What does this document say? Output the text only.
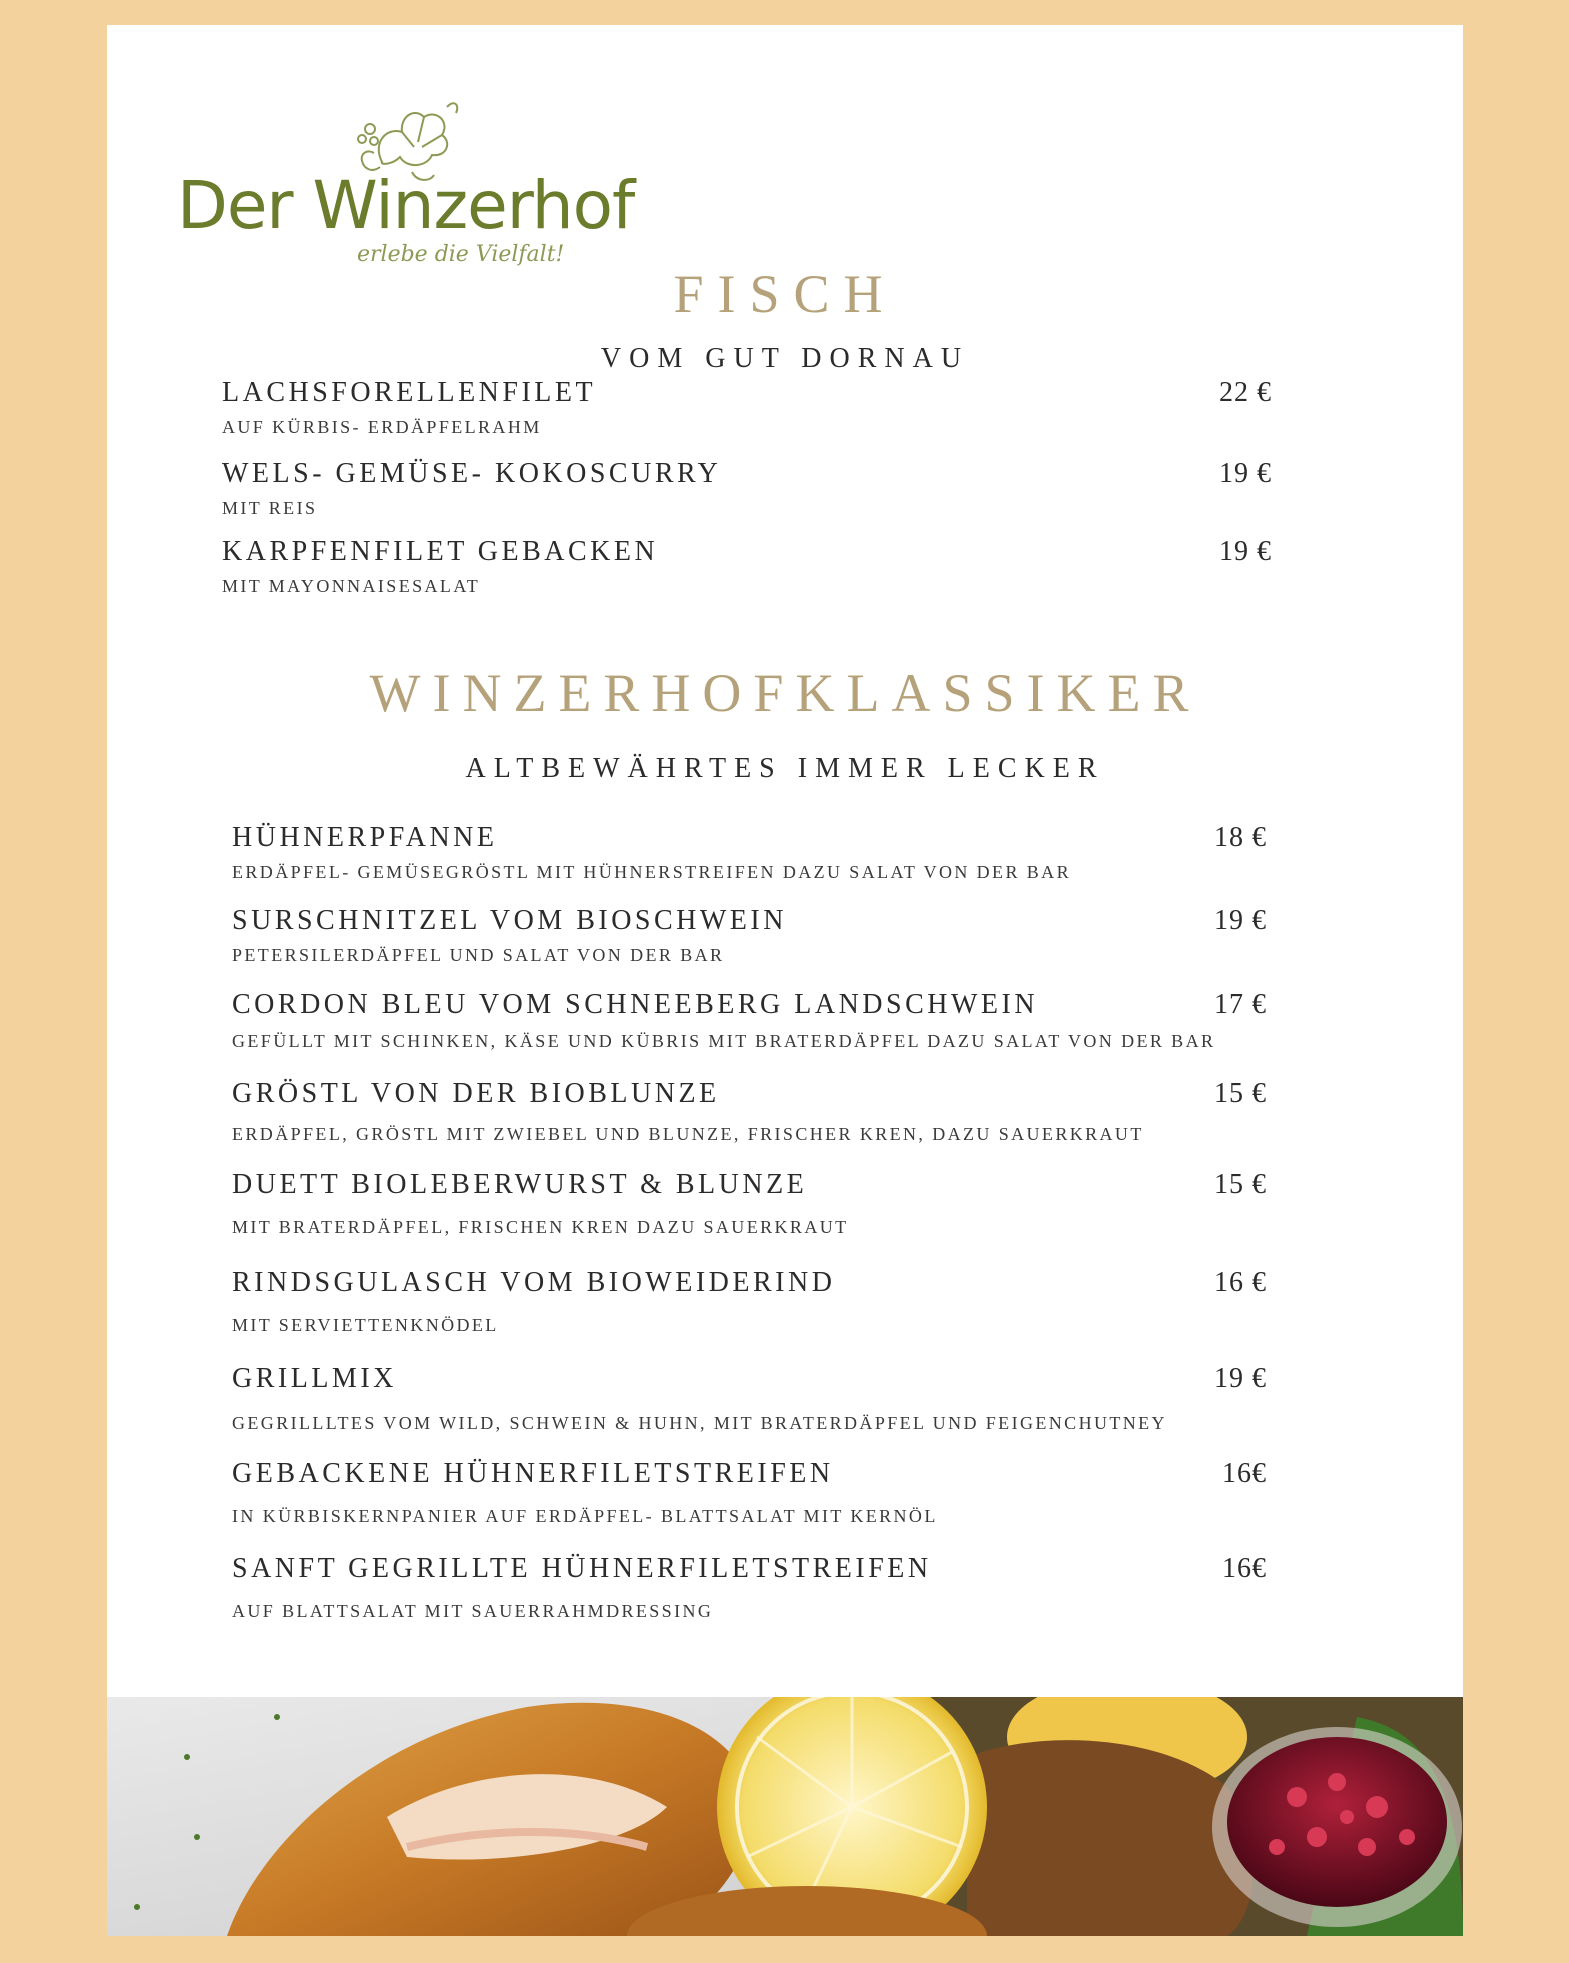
Der Winzerhof
erlebe die Vielfalt!
FISCH
VOM GUT DORNAU
LACHSFORELLENFILET
AUF KÜRBIS- ERDÄPFELRAHM
22 €
WELS- GEMÜSE- KOKOSCURRY
MIT REIS
19 €
KARPFENFILET GEBACKEN
MIT MAYONNAISESALAT
19 €
WINZERHOFKLASSIKER
ALTBEWÄHRTES IMMER LECKER
HÜHNERPFANNE
ERDÄPFEL- GEMÜSEGRÖSTL MIT HÜHNERSTREIFEN DAZU SALAT VON DER BAR
18 €
SURSCHNITZEL VOM BIOSCHWEIN
PETERSILERDÄPFEL UND SALAT VON DER BAR
19 €
CORDON BLEU VOM SCHNEEBERG LANDSCHWEIN
GEFÜLLT MIT SCHINKEN, KÄSE UND KÜBRIS MIT BRATERDÄPFEL DAZU SALAT VON DER BAR
17 €
GRÖSTL VON DER BIOBLUNZE
ERDÄPFEL, GRÖSTL MIT ZWIEBEL UND BLUNZE, FRISCHER KREN, DAZU SAUERKRAUT
15 €
DUETT BIOLEBERWURST & BLUNZE
MIT BRATERDÄPFEL, FRISCHEN KREN DAZU SAUERKRAUT
15 €
RINDSGULASCH VOM BIOWEIDERIND
MIT SERVIETTENKNÖDEL
16 €
GRILLMIX
GEGRILLLTES VOM WILD, SCHWEIN & HUHN, MIT BRATERDÄPFEL UND FEIGENCHUTNEY
19 €
GEBACKENE HÜHNERFILETSTREIFEN
IN KÜRBISKERNPANIER AUF ERDÄPFEL- BLATTSALAT MIT KERNÖL
16€
SANFT GEGRILLTE HÜHNERFILETSTREIFEN
AUF BLATTSALAT MIT SAUERRAHMDRESSING
16€
